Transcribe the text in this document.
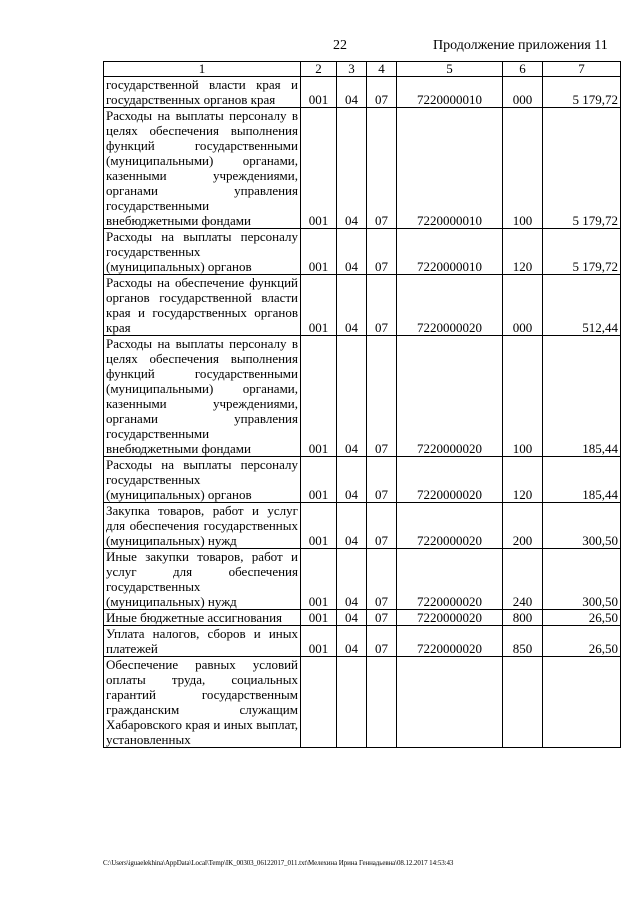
22	Продолжение приложения 11
1	2	3	4	5	6	7
государственной власти края и государственных органов края	001	04	07	7220000010	000	5 179,72
Расходы на выплаты персоналу в целях обеспечения выполнения функций государственными (муниципальными) органами, казенными учреждениями, органами управления государственными внебюджетными фондами	001	04	07	7220000010	100	5 179,72
Расходы на выплаты персоналу государственных (муниципальных) органов	001	04	07	7220000010	120	5 179,72
Расходы на обеспечение функций органов государственной власти края и государственных органов края	001	04	07	7220000020	000	512,44
Расходы на выплаты персоналу в целях обеспечения выполнения функций государственными (муниципальными) органами, казенными учреждениями, органами управления государственными внебюджетными фондами	001	04	07	7220000020	100	185,44
Расходы на выплаты персоналу государственных (муниципальных) органов	001	04	07	7220000020	120	185,44
Закупка товаров, работ и услуг для обеспечения государственных (муниципальных) нужд	001	04	07	7220000020	200	300,50
Иные закупки товаров, работ и услуг для обеспечения государственных (муниципальных) нужд	001	04	07	7220000020	240	300,50
Иные бюджетные ассигнования	001	04	07	7220000020	800	26,50
Уплата налогов, сборов и иных платежей	001	04	07	7220000020	850	26,50
Обеспечение равных условий оплаты труда, социальных гарантий государственным гражданским служащим Хабаровского края и иных выплат, установленных						
C:\Users\iguaelekhina\AppData\Local\Temp\IK_00303_06122017_011.txt\Мелехина Ирина Геннадьевна\08.12.2017 14:53:43
